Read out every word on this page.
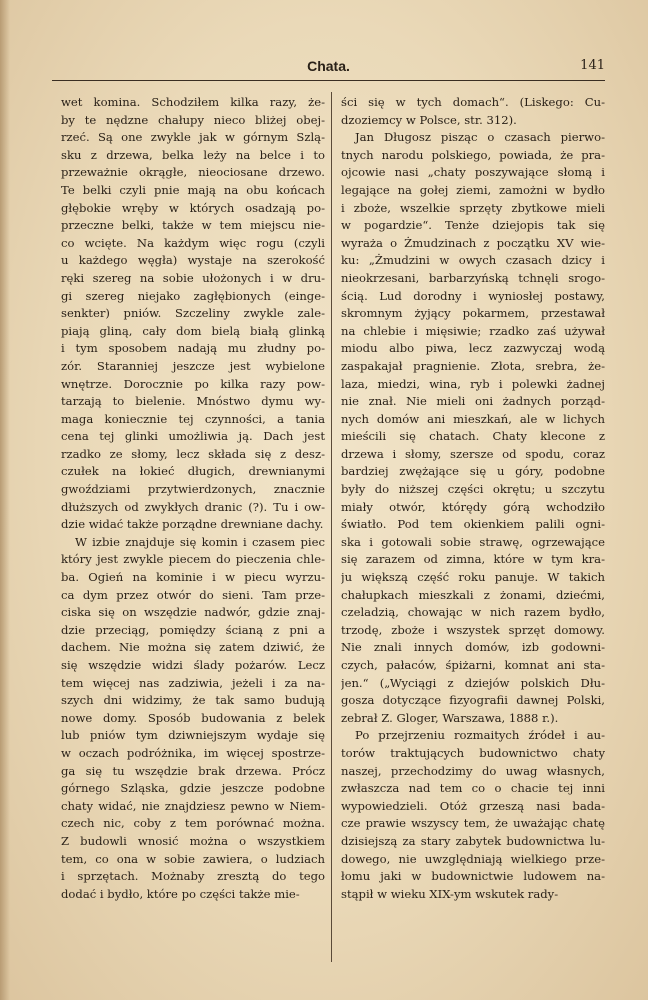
Chata.	141
wet komina. Schodziłem kilka razy, że-
by te nędzne chałupy nieco bliżej obej-
rzeć. Są one zwykle jak w górnym Szlą-
sku z drzewa, belka leży na belce i to
przeważnie okrągłe, nieociosane drzewo.
Te belki czyli pnie mają na obu końcach
głębokie wręby w których osadzają po-
przeczne belki, także w tem miejscu nie-
co wcięte. Na każdym więc rogu (czyli
u każdego węgła) wystaje na szerokość
ręki szereg na sobie ułożonych i w dru-
gi szereg niejako zagłębionych (einge-
senkter) pniów. Szczeliny zwykle zale-
piają gliną, cały dom bielą białą glinką
i tym sposobem nadają mu złudny po-
zór. Staranniej jeszcze jest wybielone
wnętrze. Dorocznie po kilka razy pow-
tarzają to bielenie. Mnóstwo dymu wy-
maga koniecznie tej czynności, a tania
cena tej glinki umożliwia ją. Dach jest
rzadko ze słomy, lecz składa się z desz-
czułek na łokieć długich, drewnianymi
gwoździami przytwierdzonych, znacznie
dłuższych od zwykłych dranic (?). Tu i ow-
dzie widać także porządne drewniane dachy.
W izbie znajduje się komin i czasem piec
który jest zwykle piecem do pieczenia chle-
ba. Ogień na kominie i w piecu wyrzu-
ca dym przez otwór do sieni. Tam prze-
ciska się on wszędzie nadwór, gdzie znaj-
dzie przeciąg, pomiędzy ścianą z pni a
dachem. Nie można się zatem dziwić, że
się wszędzie widzi ślady pożarów. Lecz
tem więcej nas zadziwia, jeżeli i za na-
szych dni widzimy, że tak samo budują
nowe domy. Sposób budowania z belek
lub pniów tym dziwniejszym wydaje się
w oczach podróżnika, im więcej spostrze-
ga się tu wszędzie brak drzewa. Prócz
górnego Szląska, gdzie jeszcze podobne
chaty widać, nie znajdziesz pewno w Niem-
czech nic, coby z tem porównać można.
Z budowli wnosić można o wszystkiem
tem, co ona w sobie zawiera, o ludziach
i sprzętach. Możnaby zresztą do tego
dodać i bydło, które po części także mie-
ści się w tych domach“. (Liskego: Cu-
dzoziemcy w Polsce, str. 312).
Jan Długosz pisząc o czasach pierwo-
tnych narodu polskiego, powiada, że pra-
ojcowie nasi „chaty poszywające słomą i
legające na gołej ziemi, zamożni w bydło
i zboże, wszelkie sprzęty zbytkowe mieli
w pogardzie“. Tenże dziejopis tak się
wyraża o Żmudzinach z początku XV wie-
ku: „Żmudzini w owych czasach dzicy i
nieokrzesani, barbarzyńską tchnęli srogo-
ścią. Lud dorodny i wyniosłej postawy,
skromnym żyjący pokarmem, przestawał
na chlebie i mięsiwie; rzadko zaś używał
miodu albo piwa, lecz zazwyczaj wodą
zaspakajał pragnienie. Złota, srebra, że-
laza, miedzi, wina, ryb i polewki żadnej
nie znał. Nie mieli oni żadnych porząd-
nych domów ani mieszkań, ale w lichych
mieścili się chatach. Chaty klecone z
drzewa i słomy, szersze od spodu, coraz
bardziej zwężające się u góry, podobne
były do niższej części okrętu; u szczytu
miały otwór, którędy górą wchodziło
światło. Pod tem okienkiem palili ogni-
ska i gotowali sobie strawę, ogrzewające
się zarazem od zimna, które w tym kra-
ju większą część roku panuje. W takich
chałupkach mieszkali z żonami, dziećmi,
czeladzią, chowając w nich razem bydło,
trzodę, zboże i wszystek sprzęt domowy.
Nie znali innych domów, izb godowni-
czych, pałaców, śpiżarni, komnat ani sta-
jen.“ („Wyciągi z dziejów polskich Dłu-
gosza dotyczące fizyografii dawnej Polski,
zebrał Z. Gloger, Warszawa, 1888 r.).
Po przejrzeniu rozmaitych źródeł i au-
torów traktujących budownictwo chaty
naszej, przechodzimy do uwag własnych,
zwłaszcza nad tem co o chacie tej inni
wypowiedzieli. Otóż grzeszą nasi bada-
cze prawie wszyscy tem, że uważając chatę
dzisiejszą za stary zabytek budownictwa lu-
dowego, nie uwzględniają wielkiego prze-
łomu jaki w budownictwie ludowem na-
stąpił w wieku XIX-ym wskutek rady-
